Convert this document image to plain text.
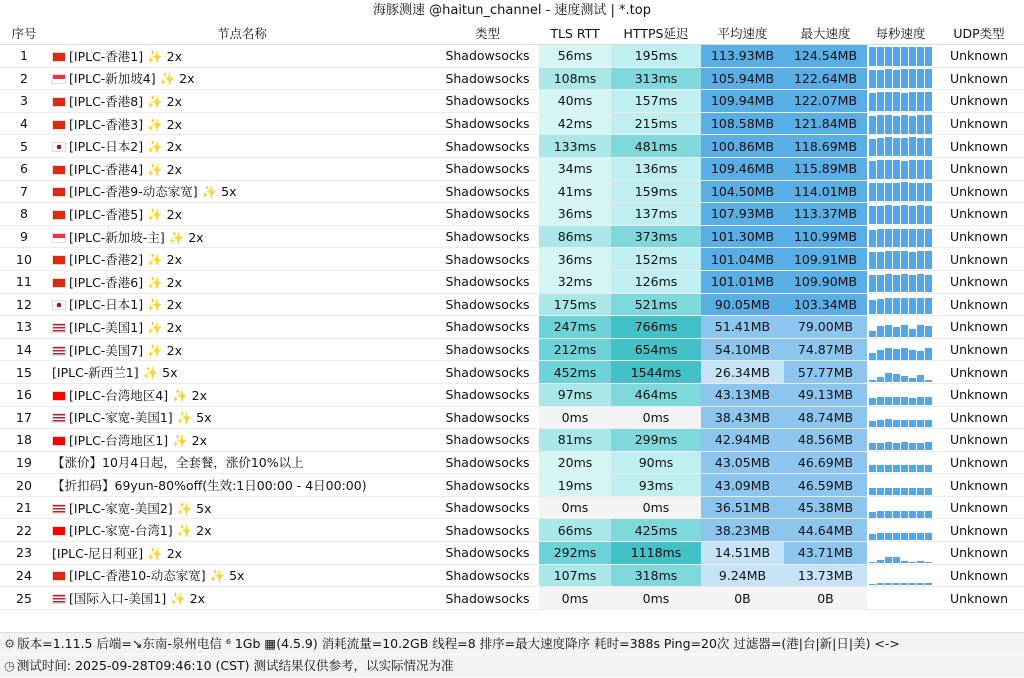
海豚测速 @haitun_channel - 速度测试 | *.top
序号	节点名称	类型	TLS RTT	HTTPS延迟	平均速度	最大速度	每秒速度	UDP类型
1	[IPLC-香港1] ✨ 2x	Shadowsocks	56ms	195ms	113.93MB	124.54MB		Unknown
2	[IPLC-新加坡4] ✨ 2x	Shadowsocks	108ms	313ms	105.94MB	122.64MB		Unknown
3	[IPLC-香港8] ✨ 2x	Shadowsocks	40ms	157ms	109.94MB	122.07MB		Unknown
4	[IPLC-香港3] ✨ 2x	Shadowsocks	42ms	215ms	108.58MB	121.84MB		Unknown
5	[IPLC-日本2] ✨ 2x	Shadowsocks	133ms	481ms	100.86MB	118.69MB		Unknown
6	[IPLC-香港4] ✨ 2x	Shadowsocks	34ms	136ms	109.46MB	115.89MB		Unknown
7	[IPLC-香港9-动态家宽] ✨ 5x	Shadowsocks	41ms	159ms	104.50MB	114.01MB		Unknown
8	[IPLC-香港5] ✨ 2x	Shadowsocks	36ms	137ms	107.93MB	113.37MB		Unknown
9	[IPLC-新加坡-主] ✨ 2x	Shadowsocks	86ms	373ms	101.30MB	110.99MB		Unknown
10	[IPLC-香港2] ✨ 2x	Shadowsocks	36ms	152ms	101.04MB	109.91MB		Unknown
11	[IPLC-香港6] ✨ 2x	Shadowsocks	32ms	126ms	101.01MB	109.90MB		Unknown
12	[IPLC-日本1] ✨ 2x	Shadowsocks	175ms	521ms	90.05MB	103.34MB		Unknown
13	[IPLC-美国1] ✨ 2x	Shadowsocks	247ms	766ms	51.41MB	79.00MB		Unknown
14	[IPLC-美国7] ✨ 2x	Shadowsocks	212ms	654ms	54.10MB	74.87MB		Unknown
15	[IPLC-新西兰1] ✨ 5x	Shadowsocks	452ms	1544ms	26.34MB	57.77MB		Unknown
16	[IPLC-台湾地区4] ✨ 2x	Shadowsocks	97ms	464ms	43.13MB	49.13MB		Unknown
17	[IPLC-家宽-美国1] ✨ 5x	Shadowsocks	0ms	0ms	38.43MB	48.74MB		Unknown
18	[IPLC-台湾地区1] ✨ 2x	Shadowsocks	81ms	299ms	42.94MB	48.56MB		Unknown
19	【涨价】10月4日起，全套餐，涨价10%以上	Shadowsocks	20ms	90ms	43.05MB	46.69MB		Unknown
20	【折扣码】69yun-80%off(生效:1日00:00 - 4日00:00)	Shadowsocks	19ms	93ms	43.09MB	46.59MB		Unknown
21	[IPLC-家宽-美国2] ✨ 5x	Shadowsocks	0ms	0ms	36.51MB	45.38MB		Unknown
22	[IPLC-家宽-台湾1] ✨ 2x	Shadowsocks	66ms	425ms	38.23MB	44.64MB		Unknown
23	[IPLC-尼日利亚] ✨ 2x	Shadowsocks	292ms	1118ms	14.51MB	43.71MB		Unknown
24	[IPLC-香港10-动态家宽] ✨ 5x	Shadowsocks	107ms	318ms	9.24MB	13.73MB		Unknown
25	[国际入口-美国1] ✨ 2x	Shadowsocks	0ms	0ms	0B	0B		Unknown
⚙ 版本=1.11.5 后端=↘东南-泉州电信 ⁶ 1Gb ▦(4.5.9) 消耗流量=10.2GB 线程=8 排序=最大速度降序 耗时=388s Ping=20次 过滤器=(港|台|新|日|美) <->
◷ 测试时间: 2025-09-28T09:46:10 (CST) 测试结果仅供参考，以实际情况为准
